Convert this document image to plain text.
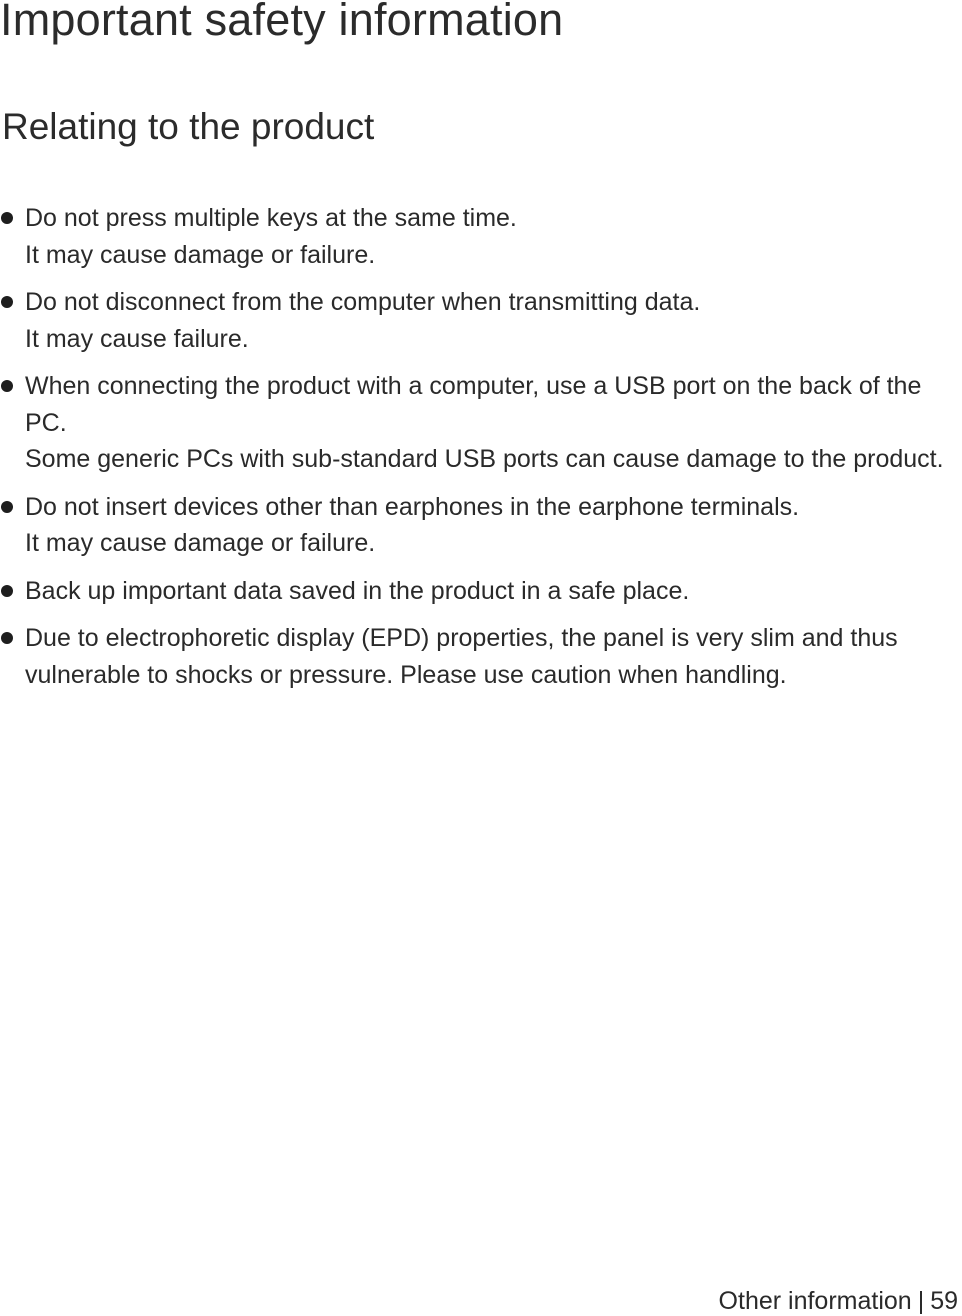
Important safety information
Relating to the product
Do not press multiple keys at the same time.
It may cause damage or failure.
Do not disconnect from the computer when transmitting data.
It may cause failure.
When connecting the product with a computer, use a USB port on the back of the PC.
Some generic PCs with sub-standard USB ports can cause damage to the product.
Do not insert devices other than earphones in the earphone terminals.
It may cause damage or failure.
Back up important data saved in the product in a safe place.
Due to electrophoretic display (EPD) properties, the panel is very slim and thus vulnerable to shocks or pressure. Please use caution when handling.
Other information | 59
